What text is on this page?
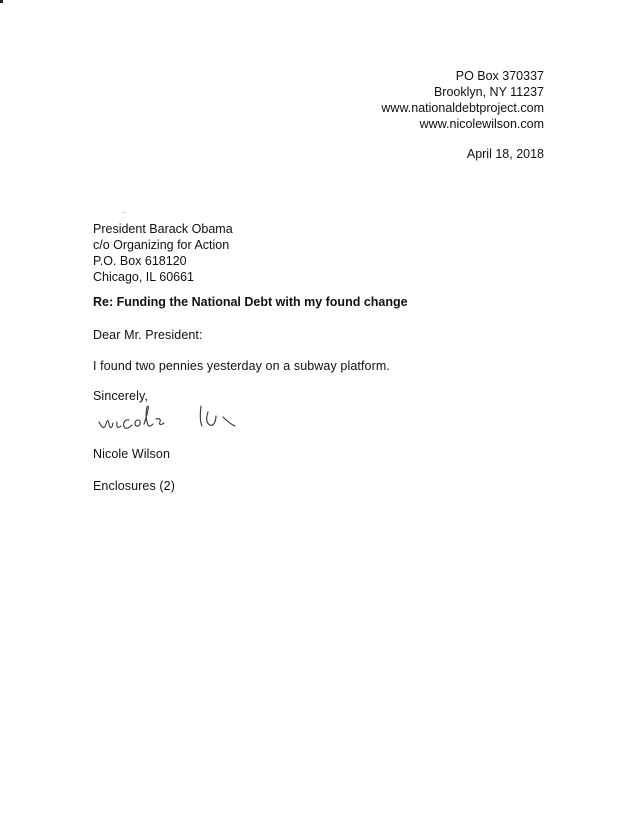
PO Box 370337
Brooklyn, NY 11237
www.nationaldebtproject.com
www.nicolewilson.com
April 18, 2018
President Barack Obama
c/o Organizing for Action
P.O. Box 618120
Chicago, IL 60661
Re: Funding the National Debt with my found change
Dear Mr. President:
I found two pennies yesterday on a subway platform.
Sincerely,
Nicole Wilson
Enclosures (2)
